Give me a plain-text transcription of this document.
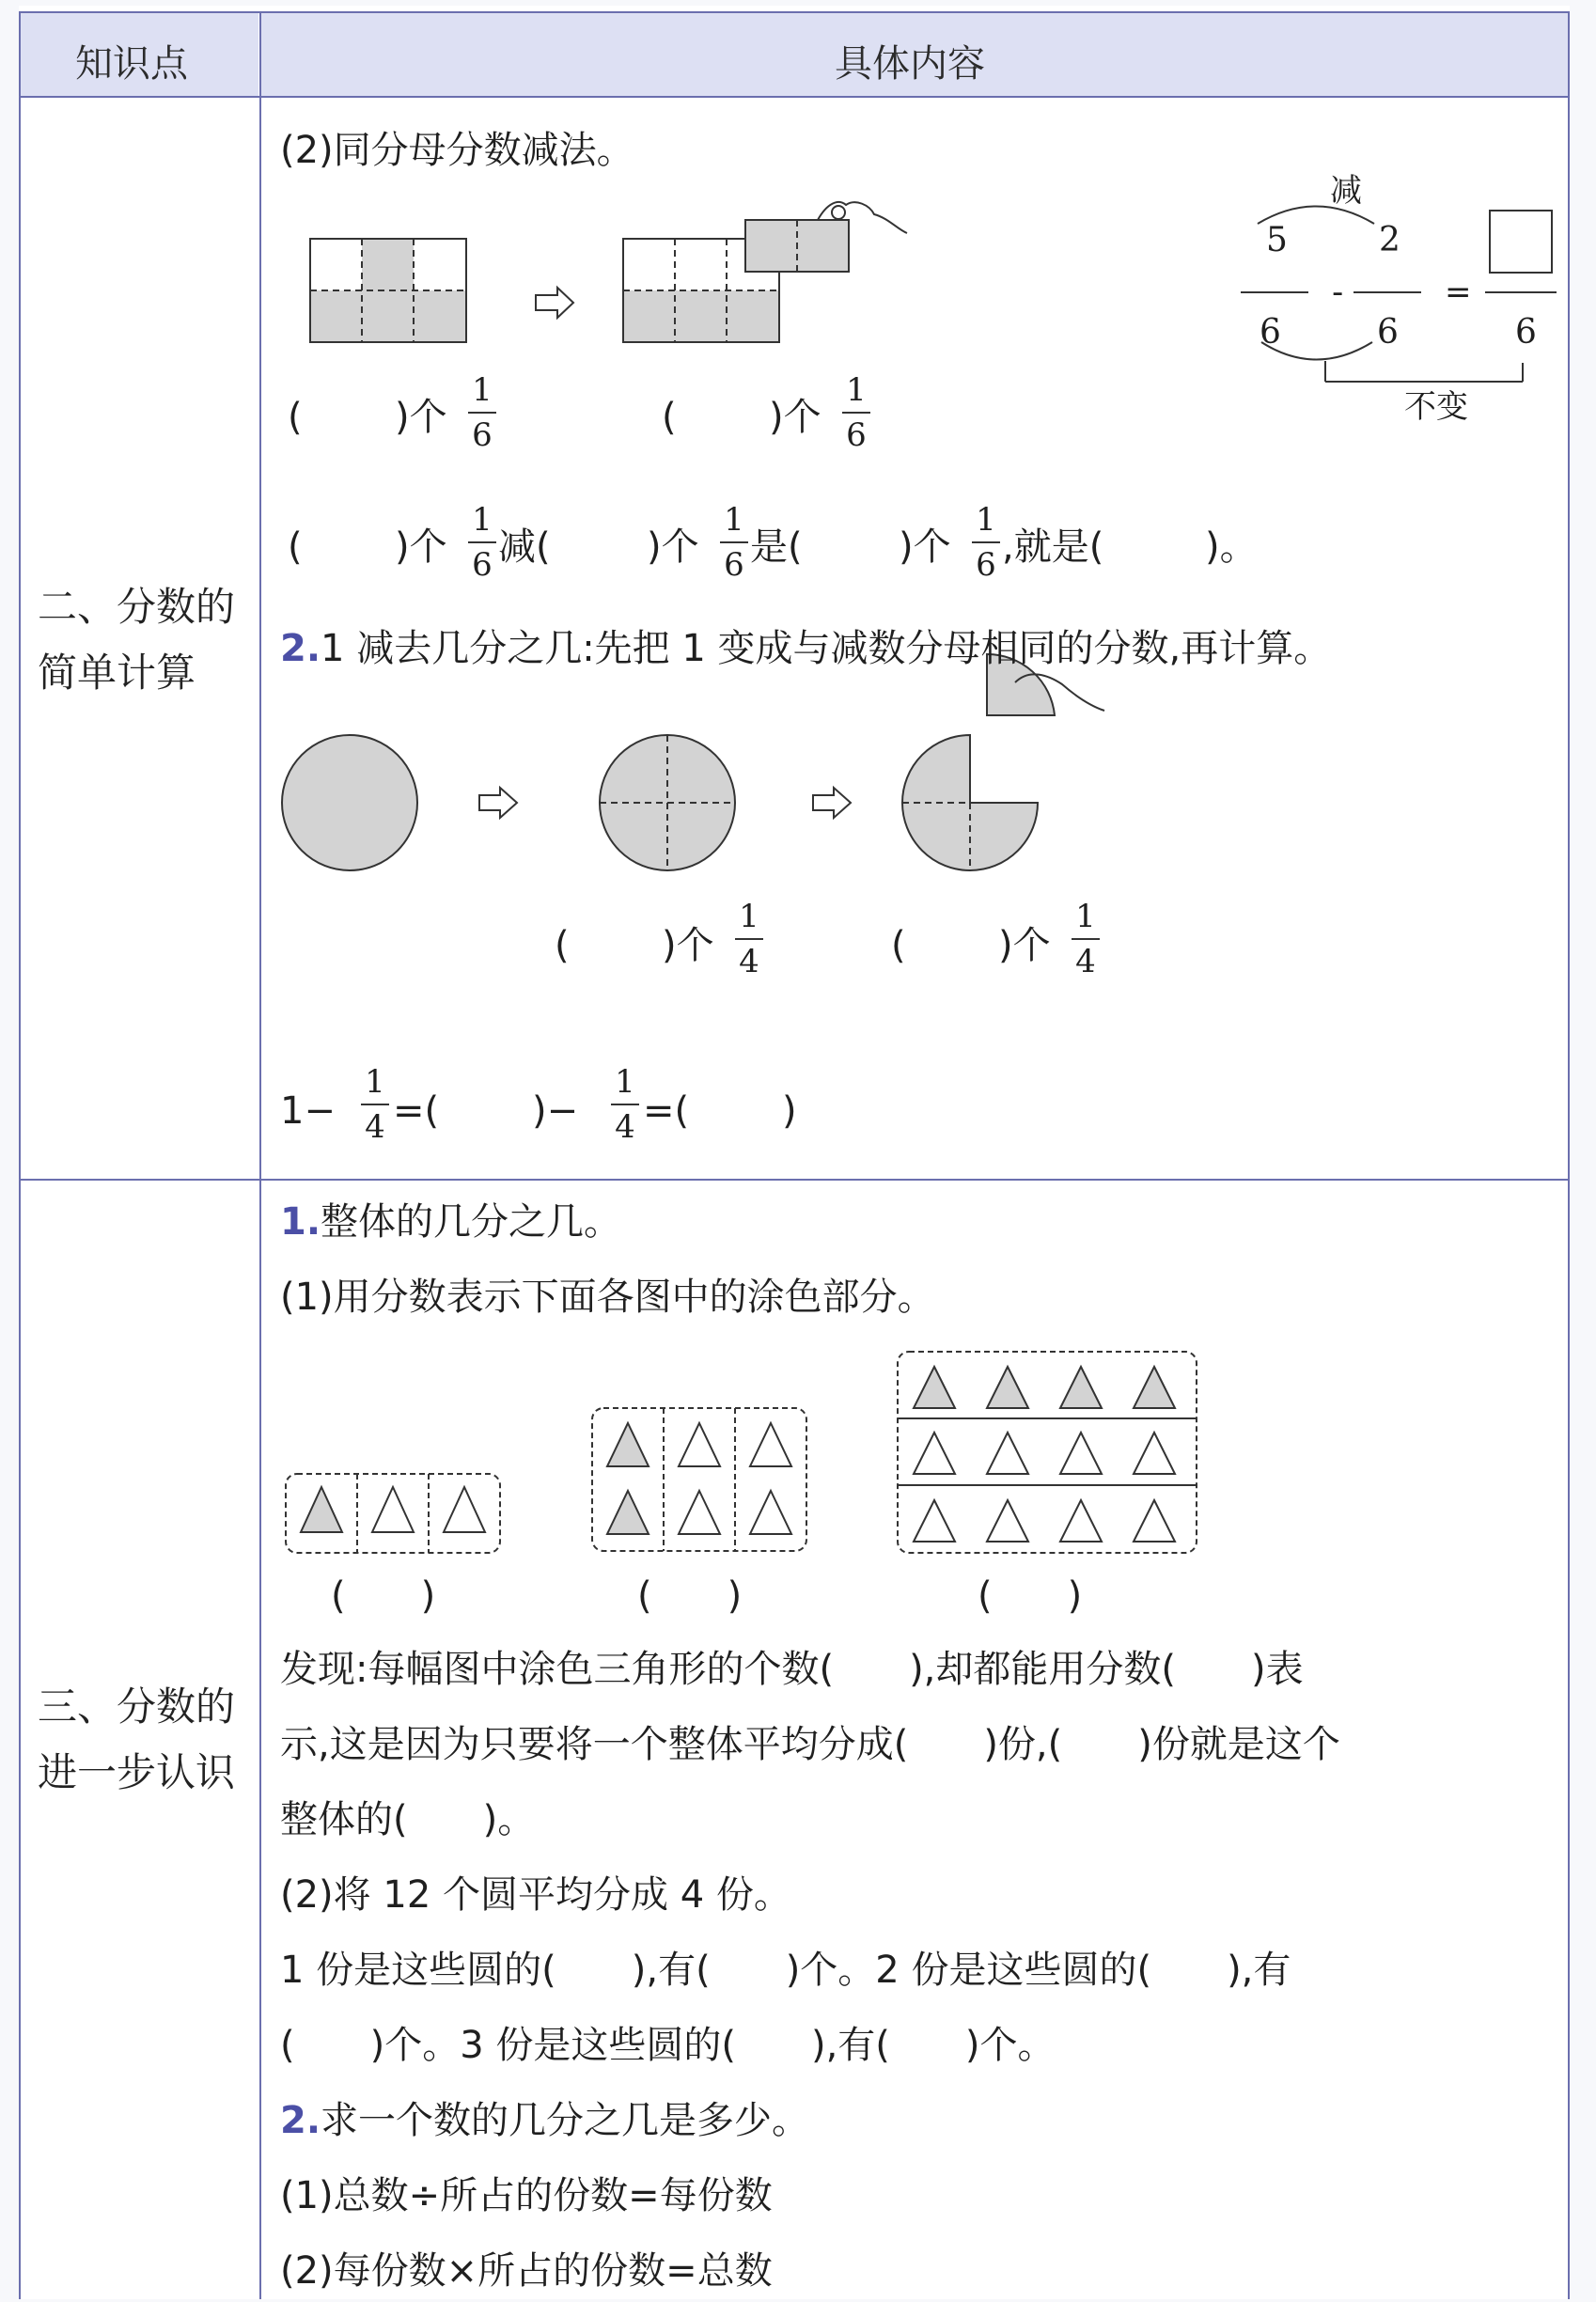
知识点	具体内容
二、分数的
简单计算
(2)同分母分数减法。
减
5	2
-	=
6	6	6
不变
( )个
1
6	( )个
1
6
( )个
1
6 减(	)个
1
6 是(	)个
1
6 ,就是(	)。
2.1 减去几分之几:先把 1 变成与减数分母相同的分数,再计算。
( )个
1
4	( )个
1
4
1−
1
4 =( )−
1
4 =( )
三、分数的
进一步认识
1.整体的几分之几。
(1)用分数表示下面各图中的涂色部分。
(　　)	(　　)	(　　)
发现:每幅图中涂色三角形的个数(　　),却都能用分数(　　)表
示,这是因为只要将一个整体平均分成(　　)份,(　　)份就是这个
整体的(　　)。
(2)将 12 个圆平均分成 4 份。
1 份是这些圆的(　　),有(　　)个。2 份是这些圆的(　　),有
(　　)个。3 份是这些圆的(　　),有(　　)个。
2.求一个数的几分之几是多少。
(1)总数÷所占的份数=每份数
(2)每份数×所占的份数=总数
